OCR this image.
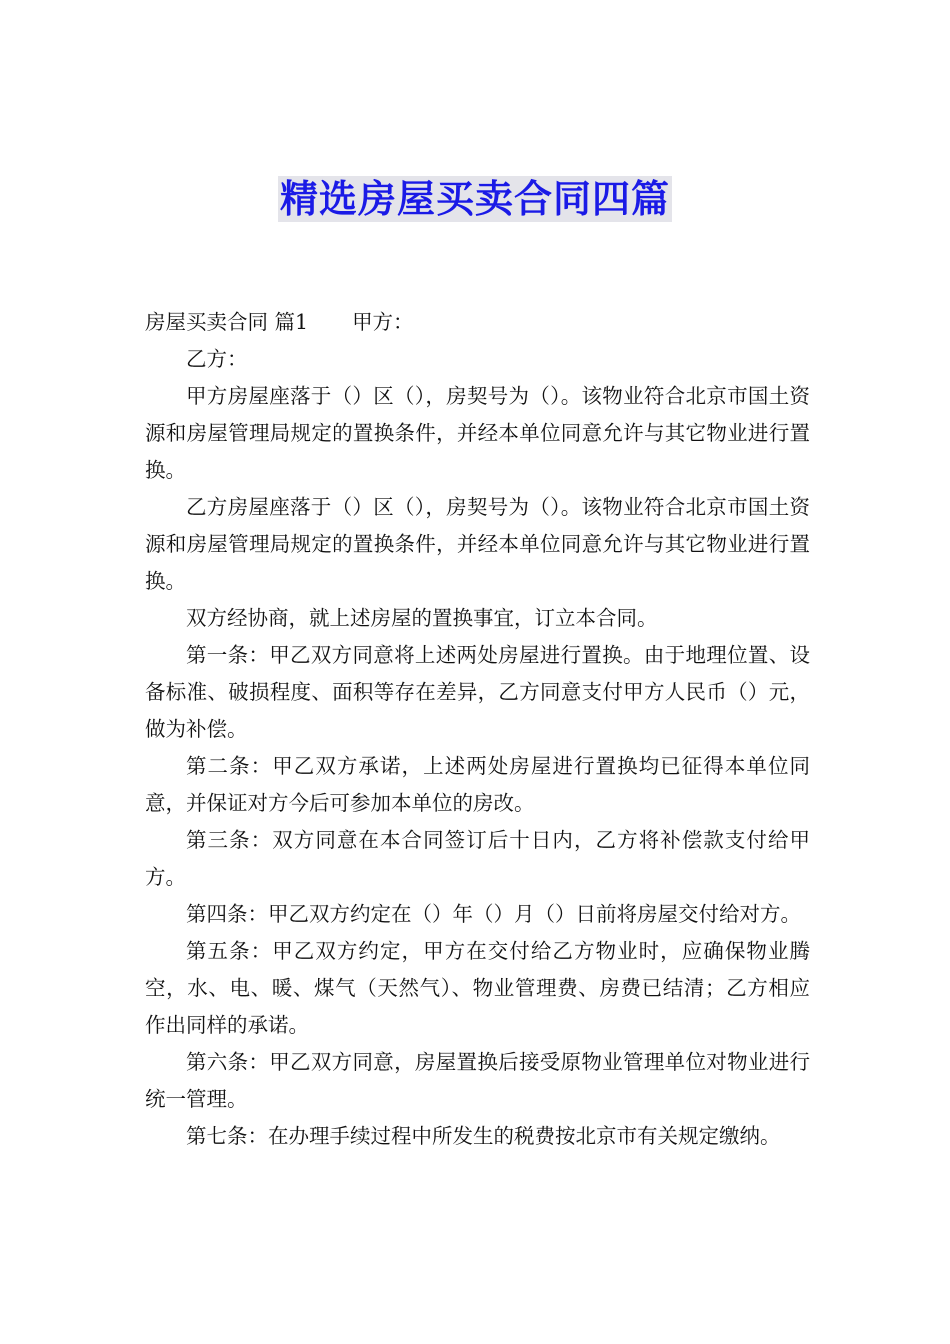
精选房屋买卖合同四篇

房屋买卖合同 篇1 甲方：

乙方：

甲方房屋座落于（）区（），房契号为（）。该物业符合北京市国土资源和房屋管理局规定的置换条件，并经本单位同意允许与其它物业进行置换。

乙方房屋座落于（）区（），房契号为（）。该物业符合北京市国土资源和房屋管理局规定的置换条件，并经本单位同意允许与其它物业进行置换。

双方经协商，就上述房屋的置换事宜，订立本合同。

第一条：甲乙双方同意将上述两处房屋进行置换。由于地理位置、设备标准、破损程度、面积等存在差异，乙方同意支付甲方人民币（）元，做为补偿。

第二条：甲乙双方承诺，上述两处房屋进行置换均已征得本单位同意，并保证对方今后可参加本单位的房改。

第三条：双方同意在本合同签订后十日内，乙方将补偿款支付给甲方。

第四条：甲乙双方约定在（）年（）月（）日前将房屋交付给对方。

第五条：甲乙双方约定，甲方在交付给乙方物业时，应确保物业腾空，水、电、暖、煤气（天然气）、物业管理费、房费已结清；乙方相应作出同样的承诺。

第六条：甲乙双方同意，房屋置换后接受原物业管理单位对物业进行统一管理。

第七条：在办理手续过程中所发生的税费按北京市有关规定缴纳。
